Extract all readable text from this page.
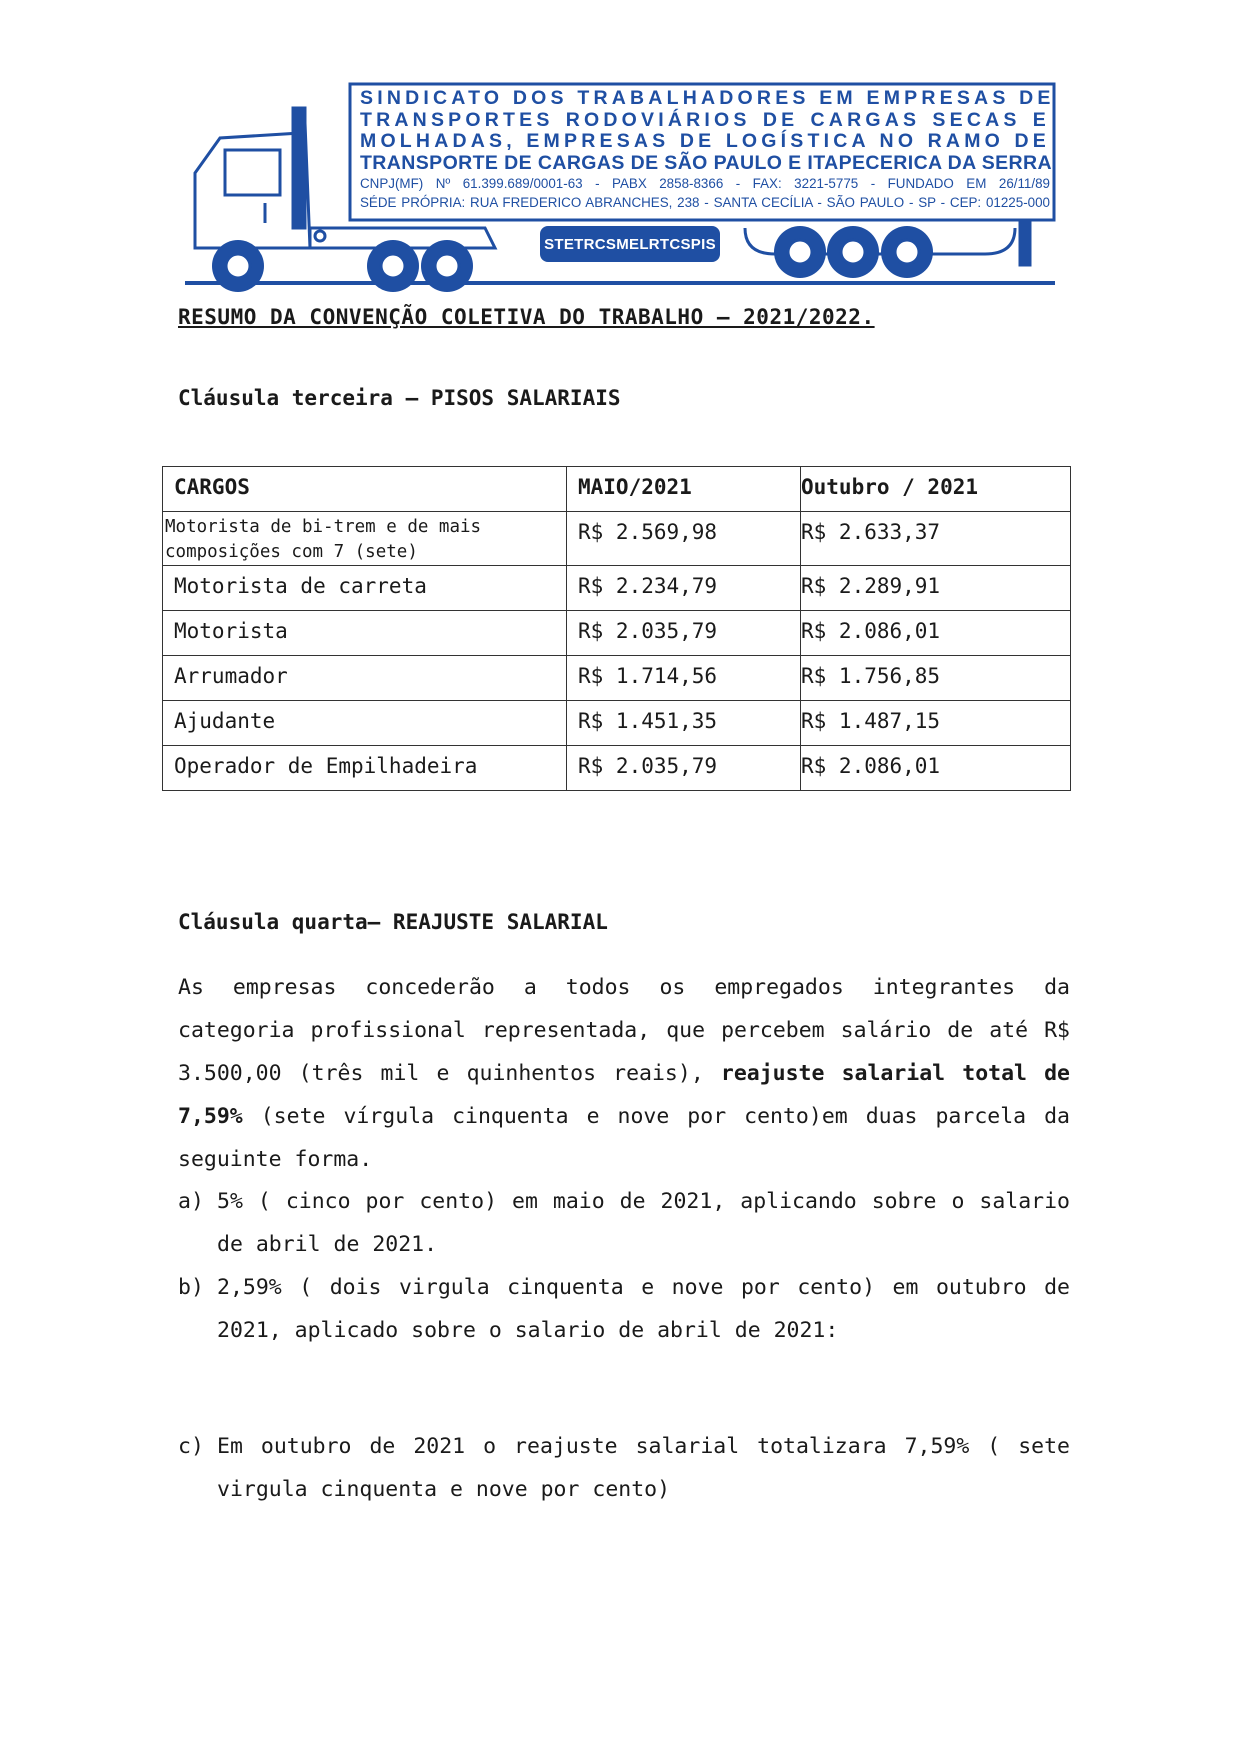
SINDICATO DOS TRABALHADORES EM EMPRESAS DE
TRANSPORTES RODOVIÁRIOS DE CARGAS SECAS E
MOLHADAS, EMPRESAS DE LOGÍSTICA NO RAMO DE
TRANSPORTE DE CARGAS DE SÃO PAULO E ITAPECERICA DA SERRA
CNPJ(MF) Nº 61.399.689/0001-63 - PABX 2858-8366 - FAX: 3221-5775 - FUNDADO EM 26/11/89
SÉDE PRÓPRIA: RUA FREDERICO ABRANCHES, 238 - SANTA CECÍLIA - SÃO PAULO - SP - CEP: 01225-000
STETRCSMELRTCSPIS
RESUMO DA CONVENÇÃO COLETIVA DO TRABALHO – 2021/2022.
Cláusula terceira – PISOS SALARIAIS
CARGOS	MAIO/2021	Outubro / 2021

Motorista de bi-trem e de mais composições com 7 (sete)	R$ 2.569,98	R$ 2.633,37

Motorista de carreta	R$ 2.234,79	R$ 2.289,91

Motorista	R$ 2.035,79	R$ 2.086,01

Arrumador	R$ 1.714,56	R$ 1.756,85

Ajudante	R$ 1.451,35	R$ 1.487,15

Operador de Empilhadeira	R$ 2.035,79	R$ 2.086,01
Cláusula quarta– REAJUSTE SALARIAL
As empresas concederão a todos os empregados integrantes da categoria profissional representada, que percebem salário de até R$ 3.500,00 (três mil e quinhentos reais), reajuste salarial total de 7,59% (sete vírgula cinquenta e nove por cento)em duas parcela da seguinte forma.
a) 5% ( cinco por cento) em maio de 2021, aplicando sobre o salario de abril de 2021.
b) 2,59% ( dois virgula cinquenta e nove por cento) em outubro de 2021, aplicado sobre o salario de abril de 2021:
c) Em outubro de 2021 o reajuste salarial totalizara 7,59% ( sete virgula cinquenta e nove por cento)
